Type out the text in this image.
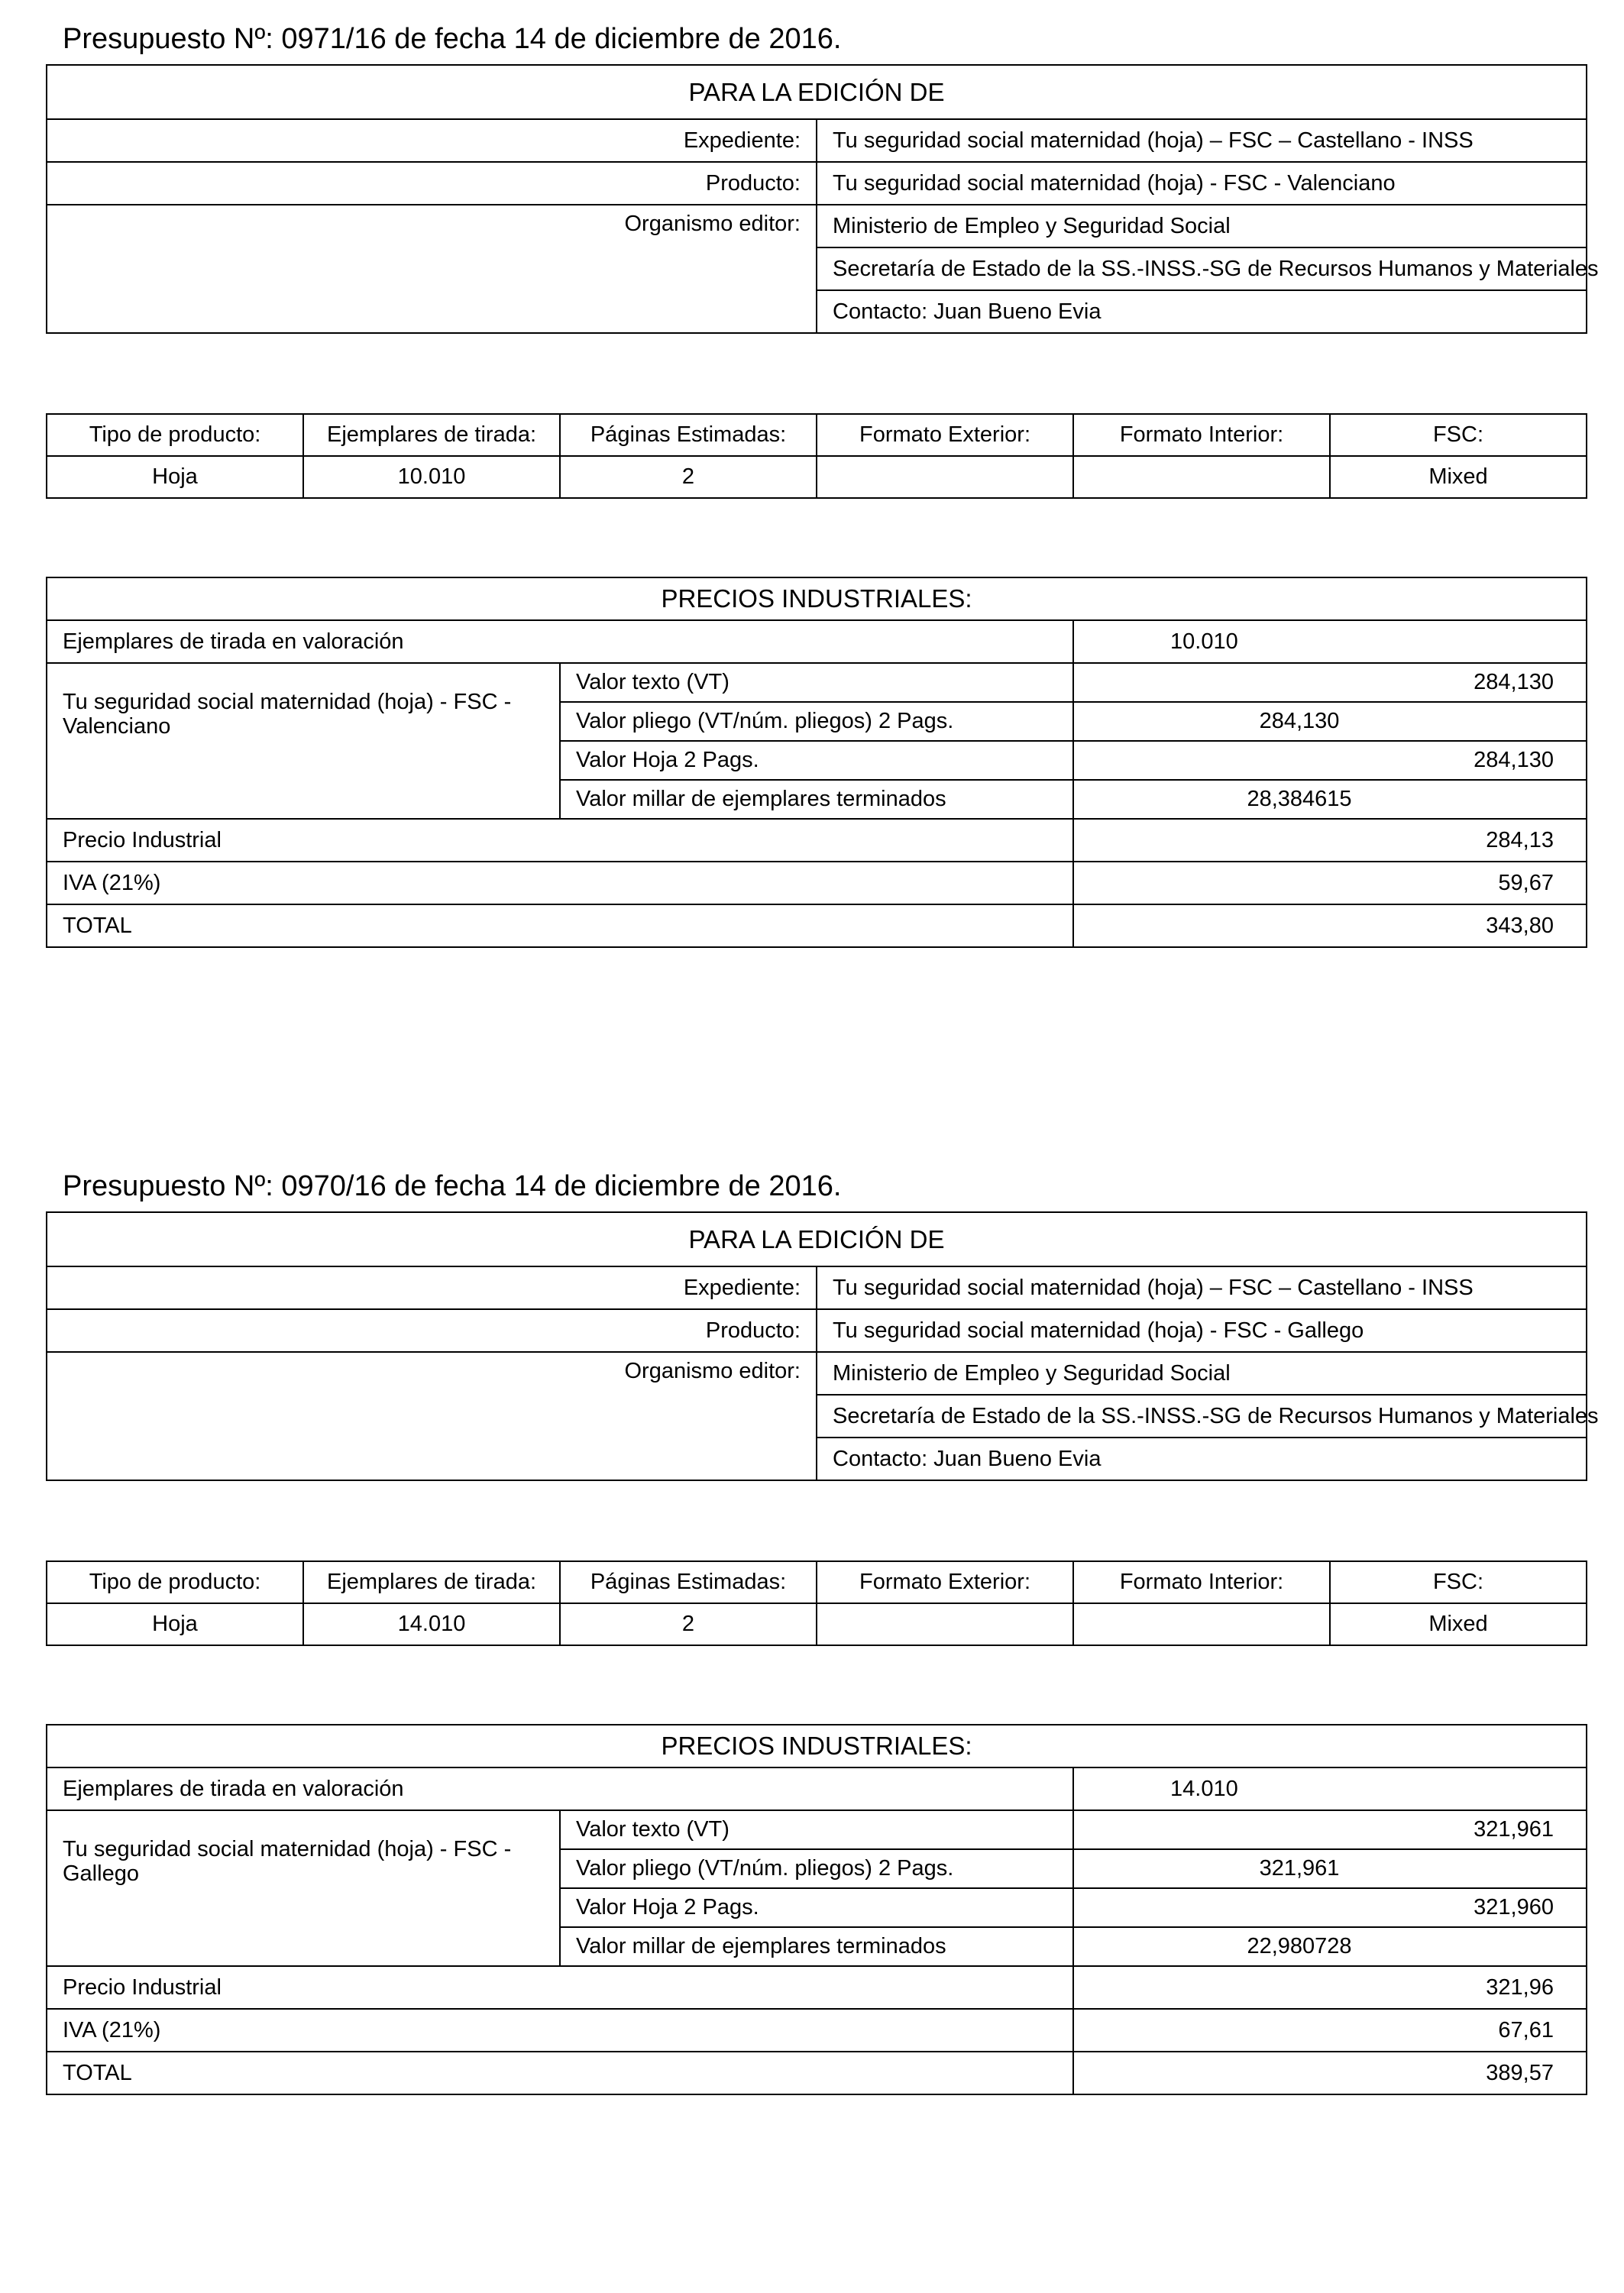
Presupuesto Nº: 0971/16 de fecha 14 de diciembre de 2016.
PARA LA EDICIÓN DE	
Expediente:	Tu seguridad social maternidad (hoja) – FSC – Castellano - INSS
Producto:	Tu seguridad social maternidad (hoja) - FSC - Valenciano
Organismo editor:	Ministerio de Empleo y Seguridad Social
	Secretaría de Estado de la SS.-INSS.-SG de Recursos Humanos y Materiales
	Contacto: Juan Bueno Evia
Tipo de producto:	Ejemplares de tirada:	Páginas Estimadas:	Formato Exterior:	Formato Interior:	FSC:
Hoja	10.010	2			Mixed
PRECIOS INDUSTRIALES:		
Ejemplares de tirada en valoración		10.010
Tu seguridad social maternidad (hoja) - FSC - Valenciano	Valor texto (VT)	284,130
	Valor pliego (VT/núm. pliegos) 2 Pags.	284,130
	Valor Hoja 2 Pags.	284,130
	Valor millar de ejemplares terminados	28,384615
Precio Industrial		284,13
IVA (21%)		59,67
TOTAL		343,80
Presupuesto Nº: 0970/16 de fecha 14 de diciembre de 2016.
PARA LA EDICIÓN DE	
Expediente:	Tu seguridad social maternidad (hoja) – FSC – Castellano - INSS
Producto:	Tu seguridad social maternidad (hoja) - FSC - Gallego
Organismo editor:	Ministerio de Empleo y Seguridad Social
	Secretaría de Estado de la SS.-INSS.-SG de Recursos Humanos y Materiales
	Contacto: Juan Bueno Evia
Tipo de producto:	Ejemplares de tirada:	Páginas Estimadas:	Formato Exterior:	Formato Interior:	FSC:
Hoja	14.010	2			Mixed
PRECIOS INDUSTRIALES:		
Ejemplares de tirada en valoración		14.010
Tu seguridad social maternidad (hoja) - FSC - Gallego	Valor texto (VT)	321,961
	Valor pliego (VT/núm. pliegos) 2 Pags.	321,961
	Valor Hoja 2 Pags.	321,960
	Valor millar de ejemplares terminados	22,980728
Precio Industrial		321,96
IVA (21%)		67,61
TOTAL		389,57
